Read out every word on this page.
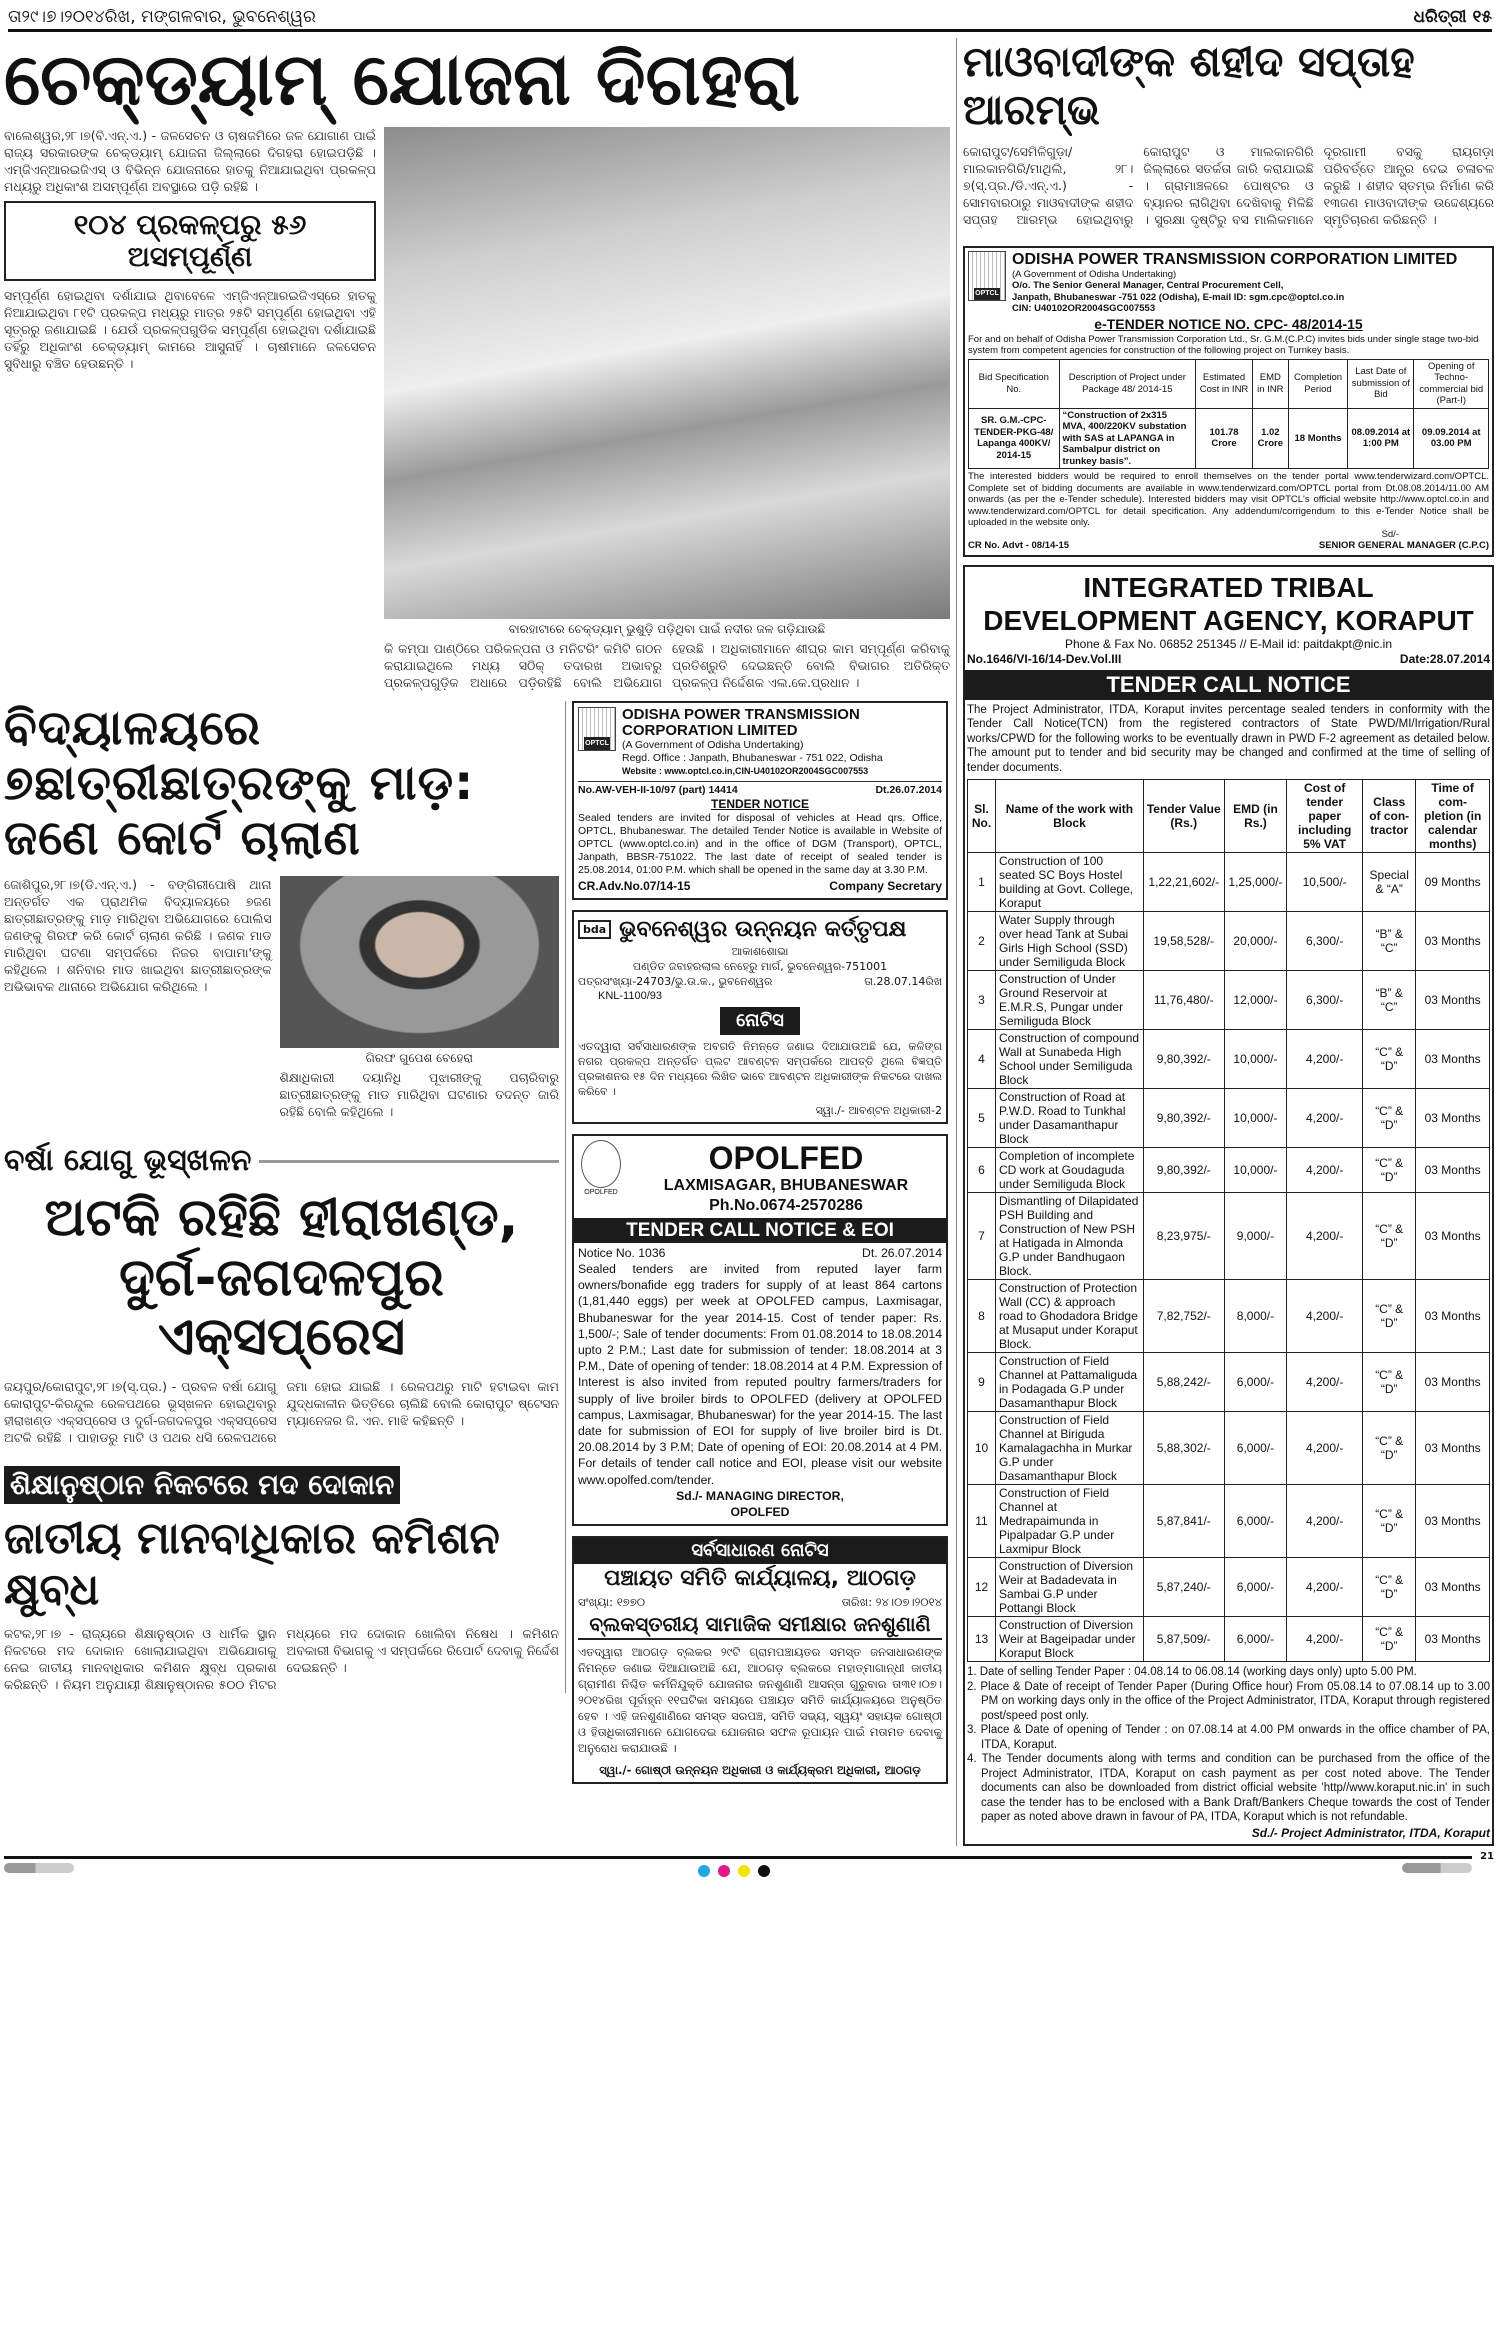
ତା୨୯।୭।୨୦୧୪ରିଖ, ମଙ୍ଗଳବାର, ଭୁବନେଶ୍ୱର	ଧରିତ୍ରୀ ୧୫
ଚେକ୍‌ଡ୍ୟାମ୍ ଯୋଜନା ଦିଗହରା
ବାଲେଶ୍ୱର,୨୮।୭(ବି.ଏନ୍.ଏ.) - ଜଳସେଚନ ଓ ଚାଷଜମିରେ ଜଳ ଯୋଗାଣ ପାଇଁ ରାଜ୍ୟ ସରକାରଙ୍କ ଚେକ୍‌ଡ୍ୟାମ୍ ଯୋଜନା ଜିଲ୍ଲାରେ ଦିଗହରା ହୋଇପଡ଼ିଛି । ଏମ୍‌ଜିଏନ୍‌ଆରଇଜିଏସ୍ ଓ ବିଭିନ୍ନ ଯୋଜନାରେ ହାତକୁ ନିଆଯାଇଥିବା ପ୍ରକଳ୍ପ ମଧ୍ୟରୁ ଅଧିକାଂଶ ଅସମ୍ପୂର୍ଣ୍ଣ ଅବସ୍ଥାରେ ପଡ଼ି ରହିଛି ।
୧୦୪ ପ୍ରକଳ୍ପରୁ ୫୬ ଅସମ୍ପୂର୍ଣ୍ଣ
ସମ୍ପୂର୍ଣ୍ଣ ହୋଇଥିବା ଦର୍ଶାଯାଇ ଥିବାବେଳେ ଏମ୍‌ଜିଏନ୍‌ଆରଇଜିଏସ୍‌ରେ ହାତକୁ ନିଆଯାଇଥିବା ୮୧ଟି ପ୍ରକଳ୍ପ ମଧ୍ୟରୁ ମାତ୍ର ୨୫ଟି ସମ୍ପୂର୍ଣ୍ଣ ହୋଇଥିବା ଏହି ସୂତ୍ରରୁ ଜଣାଯାଇଛି । ଯେଉଁ ପ୍ରକଳ୍ପଗୁଡିକ ସମ୍ପୂର୍ଣ୍ଣ ହୋଇଥିବା ଦର୍ଶାଯାଇଛି ତହିଁରୁ ଅଧିକାଂଶ ଚେକ୍‌ଡ୍ୟାମ୍ କାମରେ ଆସୁନାହିଁ । ଚାଷୀମାନେ ଜଳସେଚନ ସୁବିଧାରୁ ବଞ୍ଚିତ ହେଉଛନ୍ତି ।
ବାରହାଟାରେ ଚେକ୍‌ଡ୍ୟାମ୍ ଭୁଶୁଡ଼ି ପଡ଼ିଥିବା ପାଇଁ ନଦୀର ଜଳ ଗଡ଼ିଯାଉଛି
କି କମ୍ପା ପାଣ୍ଠିରେ ପରିକଳ୍ପନା ଓ ମନିଟରିଂ କମିଟି ଗଠନ କରାଯାଇଥିଲେ ମଧ୍ୟ ସଠିକ୍ ତଦାରଖ ଅଭାବରୁ ପ୍ରକଳ୍ପଗୁଡ଼ିକ ଅଧାରେ ପଡ଼ିରହିଛି ବୋଲି ଅଭିଯୋଗ ହେଉଛି । ଅଧିକାରୀମାନେ ଶୀଘ୍ର କାମ ସମ୍ପୂର୍ଣ୍ଣ କରିବାକୁ ପ୍ରତିଶ୍ରୁତି ଦେଇଛନ୍ତି ବୋଲି ବିଭାଗର ଅତିରିକ୍ତ ପ୍ରକଳ୍ପ ନିର୍ଦ୍ଦେଶକ ଏଲ.କେ.ପ୍ରଧାନ ।
ବିଦ୍ୟାଳୟରେ ୭ଛାତ୍ରୀଛାତ୍ରଙ୍କୁ ମାଡ଼: ଜଣେ କୋର୍ଟ ଚାଲାଣ
ଜୋଶିପୁର,୨୮।୭(ଡି.ଏନ୍.ଏ.) - ବଙ୍ଗିରୀପୋଷି ଥାନା ଅନ୍ତର୍ଗତ ଏକ ପ୍ରାଥମିକ ବିଦ୍ୟାଳୟରେ ୭ଜଣ ଛାତ୍ରୀଛାତ୍ରଙ୍କୁ ମାଡ଼ ମାରିଥିବା ଅଭିଯୋଗରେ ପୋଲିସ ଜଣଙ୍କୁ ଗିରଫ କରି କୋର୍ଟ ଚାଲାଣ କରିଛି । ଜଣକ ମାଡ ମାରିଥିବା ଘଟଣା ସମ୍ପର୍କରେ ନିଜର ବାପାମା'ଙ୍କୁ କହିଥିଲେ । ଶନିବାର ମାଡ ଖାଇଥିବା ଛାତ୍ରୀଛାତ୍ରଙ୍କ ଅଭିଭାବକ ଥାନାରେ ଅଭିଯୋଗ କରିଥିଲେ ।
ଗିରଫ ଗୁପେଶ ବେହେରା
ଶିକ୍ଷାଧିକାରୀ ଦୟାନିଧି ପୂଝାରୀଙ୍କୁ ପଚାରିବାରୁ ଛାତ୍ରୀଛାତ୍ରଙ୍କୁ ମାଡ ମାରିଥିବା ଘଟଣାର ତଦନ୍ତ ଜାରି ରହିଛି ବୋଲି କହିଥିଲେ ।
ବର୍ଷା ଯୋଗୁ ଭୂସ୍ଖଳନ
ଅଟକି ରହିଛି ହୀରାଖଣ୍ଡ, ଦୁର୍ଗ-ଜଗଦଳପୁର ଏକ୍ସପ୍ରେସ
ଜୟପୁର/କୋରାପୁଟ,୨୮।୭(ସ୍.ପ୍ର.) - ପ୍ରବଳ ବର୍ଷା ଯୋଗୁ କୋରାପୁଟ-କିରନ୍ଦୁଲ ରେଳପଥରେ ଭୂସ୍ଖଳନ ହୋଇଥିବାରୁ ହୀରାଖଣ୍ଡ ଏକ୍ସପ୍ରେସ ଓ ଦୁର୍ଗ-ଜଗଦଳପୁର ଏକ୍ସପ୍ରେସ ଅଟକି ରହିଛି । ପାହାଡରୁ ମାଟି ଓ ପଥର ଧସି ରେଳପଥରେ ଜମା ହୋଇ ଯାଇଛି । ରେଳପଥରୁ ମାଟି ହଟାଇବା କାମ ଯୁଦ୍ଧକାଳୀନ ଭିତ୍ତିରେ ଚାଲିଛି ବୋଲି କୋରାପୁଟ ଷ୍ଟେସନ ମ୍ୟାନେଜର ଜି. ଏନ. ମାଝି କହିଛନ୍ତି ।
ଶିକ୍ଷାନୁଷ୍ଠାନ ନିକଟରେ ମଦ ଦୋକାନ
ଜାତୀୟ ମାନବାଧିକାର କମିଶନ କ୍ଷୁବ୍ଧ
କଟକ,୨୮।୭ - ରାଜ୍ୟରେ ଶିକ୍ଷାନୁଷ୍ଠାନ ଓ ଧାର୍ମିକ ସ୍ଥାନ ନିକଟରେ ମଦ ଦୋକାନ ଖୋଲାଯାଇଥିବା ଅଭିଯୋଗକୁ ନେଇ ଜାତୀୟ ମାନବାଧିକାର କମିଶନ କ୍ଷୁବ୍ଧ ପ୍ରକାଶ କରିଛନ୍ତି । ନିୟମ ଅନୁଯାୟୀ ଶିକ୍ଷାନୁଷ୍ଠାନର ୫୦୦ ମିଟର ମଧ୍ୟରେ ମଦ ଦୋକାନ ଖୋଲିବା ନିଷେଧ । କମିଶନ ଅବକାରୀ ବିଭାଗକୁ ଏ ସମ୍ପର୍କରେ ରିପୋର୍ଟ ଦେବାକୁ ନିର୍ଦ୍ଦେଶ ଦେଇଛନ୍ତି ।
OPTCL
ODISHA POWER TRANSMISSION CORPORATION LIMITED
(A Government of Odisha Undertaking)
Regd. Office : Janpath, Bhubaneswar - 751 022, Odisha
Website : www.optcl.co.in,CIN-U40102OR2004SGC007553
No.AW-VEH-II-10/97 (part) 14414	Dt.26.07.2014
TENDER NOTICE
Sealed tenders are invited for disposal of vehicles at Head qrs. Office, OPTCL, Bhubaneswar. The detailed Tender Notice is available in Website of OPTCL (www.optcl.co.in) and in the office of DGM (Transport), OPTCL, Janpath, BBSR-751022. The last date of receipt of sealed tender is 25.08.2014, 01:00 P.M. which shall be opened in the same day at 3.30 P.M.
CR.Adv.No.07/14-15	Company Secretary
bda ଭୁବନେଶ୍ୱର ଉନ୍ନୟନ କର୍ତ୍ତୃପକ୍ଷ
ଆକାଶଶୋଭା
ପଣ୍ଡିତ ଜବାହରଲାଲ ନେହେରୁ ମାର୍ଗ, ଭୁବନେଶ୍ୱର-751001
ପତ୍ରସଂଖ୍ୟା-24703/ଭୁ.ଉ.କ., ଭୁବନେଶ୍ୱର	ତା.28.07.14ରିଖ
KNL-1100/93
ନୋଟିସ
ଏତଦ୍ୱାରା ସର୍ବସାଧାରଣଙ୍କ ଅବଗତି ନିମନ୍ତେ ଜଣାଇ ଦିଆଯାଉଅଛି ଯେ, କଳିଙ୍ଗ ନଗର ପ୍ରକଳ୍ପ ଅନ୍ତର୍ଗତ ପ୍ଲଟ ଆବଣ୍ଟନ ସମ୍ପର୍କରେ ଆପତ୍ତି ଥିଲେ ବିଜ୍ଞପ୍ତି ପ୍ରକାଶନର ୧୫ ଦିନ ମଧ୍ୟରେ ଲିଖିତ ଭାବେ ଆବଣ୍ଟନ ଅଧିକାରୀଙ୍କ ନିକଟରେ ଦାଖଲ କରିବେ ।
ସ୍ୱା./- ଆବଣ୍ଟନ ଅଧିକାରୀ-2
OPOLFED
OPOLFED
LAXMISAGAR, BHUBANESWAR
Ph.No.0674-2570286
TENDER CALL NOTICE & EOI
Notice No. 1036	Dt. 26.07.2014
Sealed tenders are invited from reputed layer farm owners/bonafide egg traders for supply of at least 864 cartons (1,81,440 eggs) per week at OPOLFED campus, Laxmisagar, Bhubaneswar for the year 2014-15. Cost of tender paper: Rs. 1,500/-; Sale of tender documents: From 01.08.2014 to 18.08.2014 upto 2 P.M.; Last date for submission of tender: 18.08.2014 at 3 P.M., Date of opening of tender: 18.08.2014 at 4 P.M. Expression of Interest is also invited from reputed poultry farmers/traders for supply of live broiler birds to OPOLFED (delivery at OPOLFED campus, Laxmisagar, Bhubaneswar) for the year 2014-15. The last date for submission of EOI for supply of live broiler bird is Dt. 20.08.2014 by 3 P.M; Date of opening of EOI: 20.08.2014 at 4 PM. For details of tender call notice and EOI, please visit our website www.opolfed.com/tender.
Sd./- MANAGING DIRECTOR,
OPOLFED
ସର୍ବସାଧାରଣ ନୋଟିସ
ପଞ୍ଚାୟତ ସମିତି କାର୍ଯ୍ୟାଳୟ, ଆଠଗଡ଼
ସଂଖ୍ୟା: ୧୭୭୦	ତାରିଖ: ୨୪।୦୭।୨୦୧୪
ବ୍ଲକସ୍ତରୀୟ ସାମାଜିକ ସମୀକ୍ଷାର ଜନଶୁଣାଣି
ଏତଦ୍ୱାରା ଆଠଗଡ଼ ବ୍ଲକର ୨୯ଟି ଗ୍ରାମପଞ୍ଚାୟତର ସମସ୍ତ ଜନସାଧାରଣଙ୍କ ନିମନ୍ତେ ଜଣାଇ ଦିଆଯାଉଅଛି ଯେ, ଆଠଗଡ଼ ବ୍ଲକରେ ମହାତ୍ମାଗାନ୍ଧୀ ଜାତୀୟ ଗ୍ରାମୀଣ ନିଶ୍ଚିତ କର୍ମନିଯୁକ୍ତି ଯୋଜନାର ଜନଶୁଣାଣି ଆସନ୍ତା ଗୁରୁବାର ତା୩୧।୦୭।୨୦୧୪ରିଖ ପୂର୍ବାହ୍ନ ୧୧ଘଟିକା ସମୟରେ ପଞ୍ଚାୟତ ସମିତି କାର୍ଯ୍ୟାଳୟରେ ଅନୁଷ୍ଠିତ ହେବ । ଏହି ଜନଶୁଣାଣିରେ ସମସ୍ତ ସରପଞ୍ଚ, ସମିତି ସଭ୍ୟ, ସ୍ୱୟଂ ସହାୟକ ଗୋଷ୍ଠୀ ଓ ହିତାଧିକାରୀମାନେ ଯୋଗଦେଇ ଯୋଜନାର ସଫଳ ରୂପାୟନ ପାଇଁ ମତାମତ ଦେବାକୁ ଅନୁରୋଧ କରାଯାଉଛି ।
ସ୍ୱା./- ଗୋଷ୍ଠୀ ଉନ୍ନୟନ ଅଧିକାରୀ ଓ କାର୍ଯ୍ୟକ୍ରମ ଅଧିକାରୀ, ଆଠଗଡ଼
ମାଓବାଦୀଙ୍କ ଶହୀଦ ସପ୍ତାହ ଆରମ୍ଭ
କୋରାପୁଟ/ସେମିଳିଗୁଡ଼ା/ମାଲକାନଗିରି/ମାଥିଲି, ୨୮।୭(ସ୍.ପ୍ର./ଡି.ଏନ୍.ଏ.) - ସୋମବାରଠାରୁ ମାଓବାଦୀଙ୍କ ଶହୀଦ ସପ୍ତାହ ଆରମ୍ଭ ହୋଇଥିବାରୁ କୋରାପୁଟ ଓ ମାଲକାନଗିରି ଜିଲ୍ଲାରେ ସତର୍କତା ଜାରି କରାଯାଇଛି । ଗ୍ରାମାଞ୍ଚଳରେ ପୋଷ୍ଟର ଓ ବ୍ୟାନର ଲାଗିଥିବା ଦେଖିବାକୁ ମିଳିଛି । ସୁରକ୍ଷା ଦୃଷ୍ଟିରୁ ବସ ମାଲିକମାନେ ଦୂରଗାମୀ ବସକୁ ରାୟଗଡ଼ା ପରିବର୍ତ୍ତେ ଆନ୍ଧ୍ର ଦେଇ ଚଳାଚଳ କରୁଛି । ଶହୀଦ ସ୍ତମ୍ଭ ନିର୍ମାଣ କରି ୧୩ଜଣ ମାଓବାଦୀଙ୍କ ଉଦ୍ଦେଶ୍ୟରେ ସ୍ମୃତିଚାରଣ କରିଛନ୍ତି ।
OPTCL
ODISHA POWER TRANSMISSION CORPORATION LIMITED
(A Government of Odisha Undertaking)
O/o. The Senior General Manager, Central Procurement Cell,
Janpath, Bhubaneswar -751 022 (Odisha), E-mail ID: sgm.cpc@optcl.co.in
CIN: U40102OR2004SGC007553
e-TENDER NOTICE NO. CPC- 48/2014-15
For and on behalf of Odisha Power Transmission Corporation Ltd., Sr. G.M.(C.P.C) invites bids under single stage two-bid system from competent agencies for construction of the following project on Turnkey basis.
Bid Specification No.	Description of Project under Package 48/ 2014-15	Estimated Cost in INR	EMD in INR	Completion Period	Last Date of submission of Bid	Opening of Techno-commercial bid (Part-I)
SR. G.M.-CPC-TENDER-PKG-48/ Lapanga 400KV/ 2014-15	“Construction of 2x315 MVA, 400/220KV substation with SAS at LAPANGA in Sambalpur district on trunkey basis”.	101.78 Crore	1.02 Crore	18 Months	08.09.2014 at 1:00 PM	09.09.2014 at 03.00 PM
The interested bidders would be required to enroll themselves on the tender portal www.tenderwizard.com/OPTCL. Complete set of bidding documents are available in www.tenderwizard.com/OPTCL portal from Dt.08.08.2014/11.00 AM onwards (as per the e-Tender schedule). Interested bidders may visit OPTCL's official website http://www.optcl.co.in and www.tenderwizard.com/OPTCL for detail specification. Any addendum/corrigendum to this e-Tender Notice shall be uploaded in the website only.
Sd/-
CR No. Advt - 08/14-15	SENIOR GENERAL MANAGER (C.P.C)
INTEGRATED TRIBAL
DEVELOPMENT AGENCY, KORAPUT
Phone & Fax No. 06852 251345 // E-Mail id: paitdakpt@nic.in
No.1646/VI-16/14-Dev.Vol.III	Date:28.07.2014
TENDER CALL NOTICE
The Project Administrator, ITDA, Koraput invites percentage sealed tenders in conformity with the Tender Call Notice(TCN) from the registered contractors of State PWD/MI/Irrigation/Rural works/CPWD for the following works to be eventually drawn in PWD F-2 agreement as detailed below. The amount put to tender and bid security may be changed and confirmed at the time of selling of tender documents.
Sl. No.	Name of the work with Block	Tender Value (Rs.)	EMD (in Rs.)	Cost of tender paper including 5% VAT	Class of con-tractor	Time of com-pletion (in calendar months)
1	Construction of 100 seated SC Boys Hostel building at Govt. College, Koraput	1,22,21,602/-	1,25,000/-	10,500/-	Special & “A”	09 Months
2	Water Supply through over head Tank at Subai Girls High School (SSD) under Semiliguda Block	19,58,528/-	20,000/-	6,300/-	“B” & “C”	03 Months
3	Construction of Under Ground Reservoir at E.M.R.S, Pungar under Semiliguda Block	11,76,480/-	12,000/-	6,300/-	“B” & “C”	03 Months
4	Construction of compound Wall at Sunabeda High School under Semiliguda Block	9,80,392/-	10,000/-	4,200/-	“C” & “D”	03 Months
5	Construction of Road at P.W.D. Road to Tunkhal under Dasamanthapur Block	9,80,392/-	10,000/-	4,200/-	“C” & “D”	03 Months
6	Completion of incomplete CD work at Goudaguda under Semiliguda Block	9,80,392/-	10,000/-	4,200/-	“C” & “D”	03 Months
7	Dismantling of Dilapidated PSH Building and Construction of New PSH at Hatigada in Almonda G.P under Bandhugaon Block.	8,23,975/-	9,000/-	4,200/-	“C” & “D”	03 Months
8	Construction of Protection Wall (CC) & approach road to Ghodadora Bridge at Musaput under Koraput Block.	7,82,752/-	8,000/-	4,200/-	“C” & “D”	03 Months
9	Construction of Field Channel at Pattamaliguda in Podagada G.P under Dasamanthapur Block	5,88,242/-	6,000/-	4,200/-	“C” & “D”	03 Months
10	Construction of Field Channel at Biriguda Kamalagachha in Murkar G.P under Dasamanthapur Block	5,88,302/-	6,000/-	4,200/-	“C” & “D”	03 Months
11	Construction of Field Channel at Medrapaimunda in Pipalpadar G.P under Laxmipur Block	5,87,841/-	6,000/-	4,200/-	“C” & “D”	03 Months
12	Construction of Diversion Weir at Badadevata in Sambai G.P under Pottangi Block	5,87,240/-	6,000/-	4,200/-	“C” & “D”	03 Months
13	Construction of Diversion Weir at Bageipadar under Koraput Block	5,87,509/-	6,000/-	4,200/-	“C” & “D”	03 Months
1. Date of selling Tender Paper : 04.08.14 to 06.08.14 (working days only) upto 5.00 PM.
2. Place & Date of receipt of Tender Paper (During Office hour) From 05.08.14 to 07.08.14 up to 3.00 PM on working days only in the office of the Project Administrator, ITDA, Koraput through registered post/speed post only.
3. Place & Date of opening of Tender : on 07.08.14 at 4.00 PM onwards in the office chamber of PA, ITDA, Koraput.
4. The Tender documents along with terms and condition can be purchased from the office of the Project Administrator, ITDA, Koraput on cash payment as per cost noted above. The Tender documents can also be downloaded from district official website 'http//www.koraput.nic.in' in such case the tender has to be enclosed with a Bank Draft/Bankers Cheque towards the cost of Tender paper as noted above drawn in favour of PA, ITDA, Koraput which is not refundable.
Sd./- Project Administrator, ITDA, Koraput
21
